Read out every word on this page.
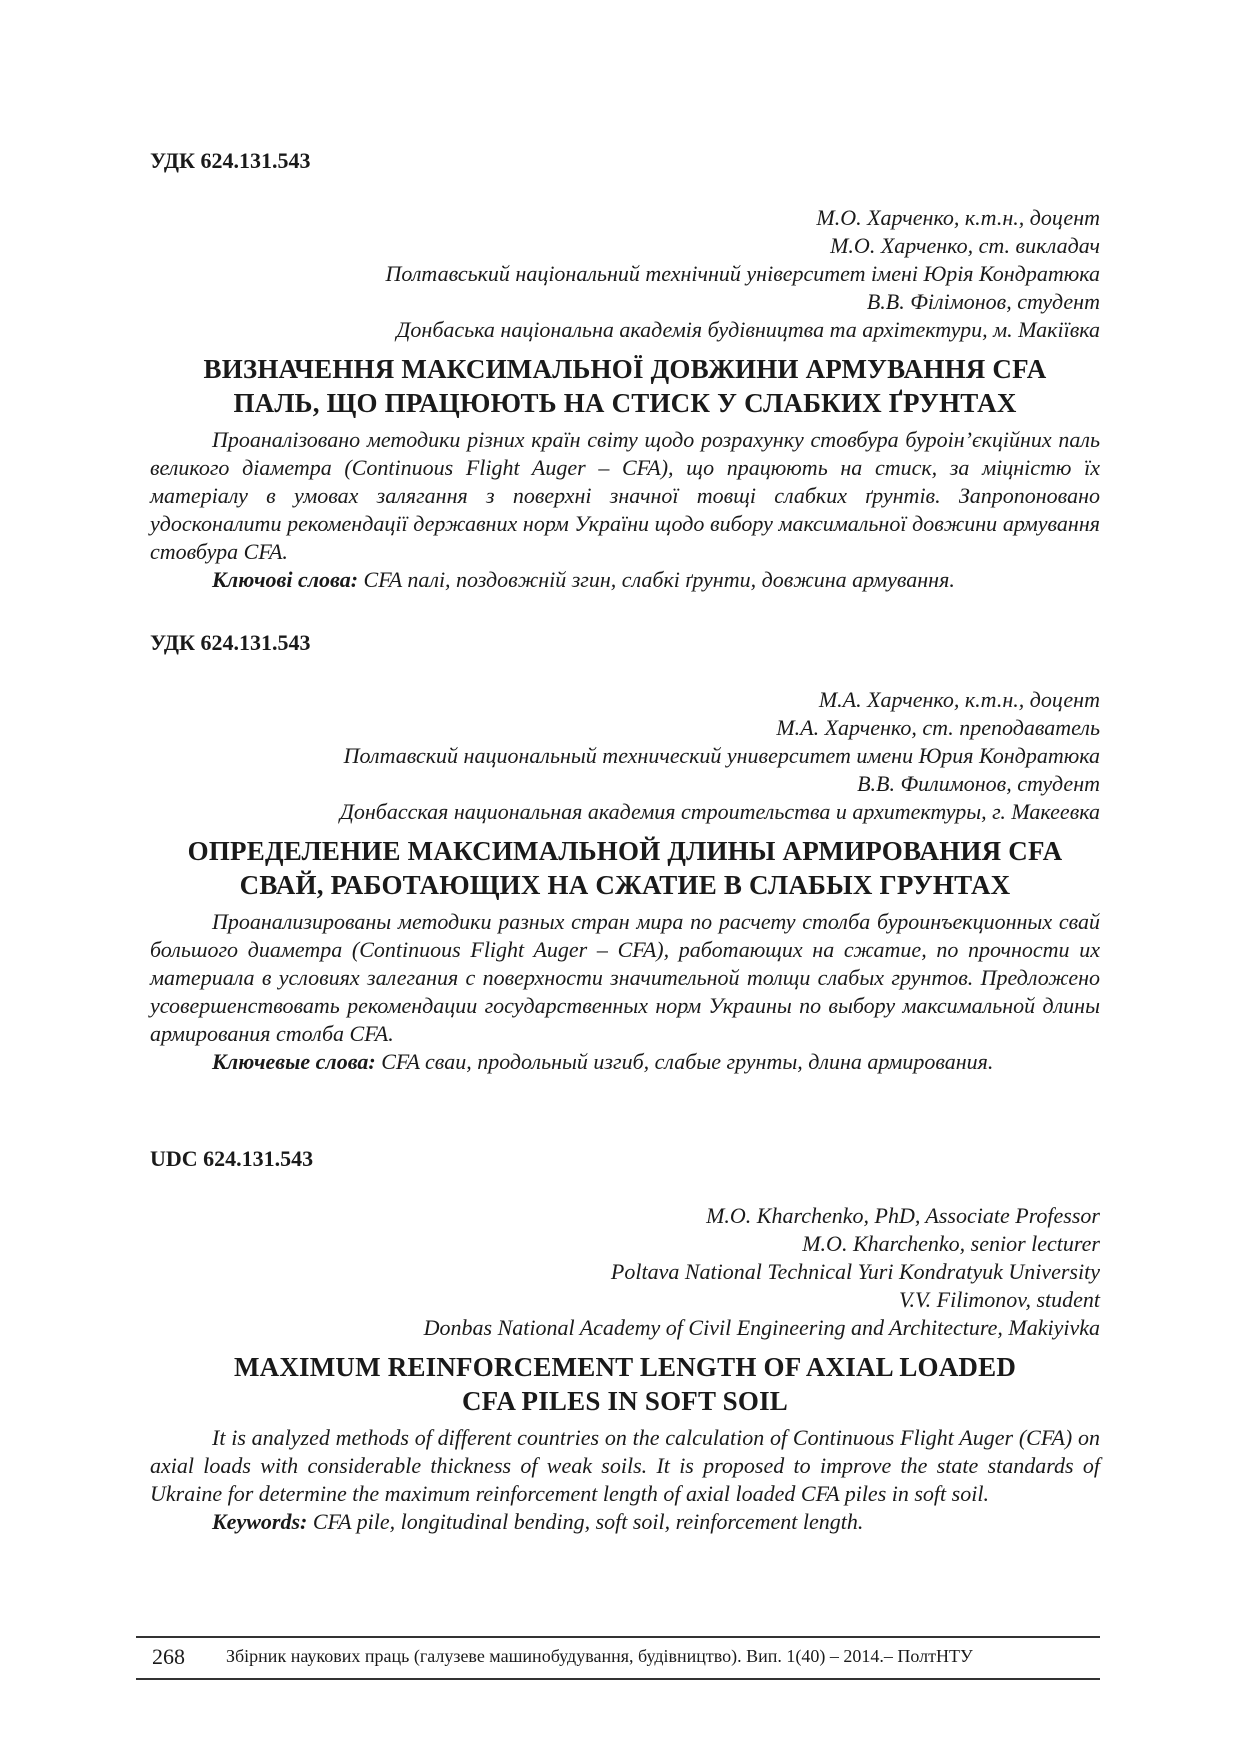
УДК 624.131.543

М.О. Харченко, к.т.н., доцент
М.О. Харченко, ст. викладач
Полтавський національний технічний університет імені Юрія Кондратюка
В.В. Філімонов, студент
Донбаська національна академія будівництва та архітектури, м. Макіївка
ВИЗНАЧЕННЯ МАКСИМАЛЬНОЇ ДОВЖИНИ АРМУВАННЯ CFA
ПАЛЬ, ЩО ПРАЦЮЮТЬ НА СТИСК У СЛАБКИХ ҐРУНТАХ
Проаналізовано методики різних країн світу щодо розрахунку стовбура буроін’єкційних паль великого діаметра (Continuous Flight Auger – CFA), що працюють на стиск, за міцністю їх матеріалу в умовах залягання з поверхні значної товщі слабких ґрунтів. Запропоновано удосконалити рекомендації державних норм України щодо вибору максимальної довжини армування стовбура CFA.
Ключові слова: CFA палі, поздовжній згин, слабкі ґрунти, довжина армування.

УДК 624.131.543

М.А. Харченко, к.т.н., доцент
М.А. Харченко, ст. преподаватель
Полтавский национальный технический университет имени Юрия Кондратюка
В.В. Филимонов, студент
Донбасская национальная академия строительства и архитектуры, г. Макеевка
ОПРЕДЕЛЕНИЕ МАКСИМАЛЬНОЙ ДЛИНЫ АРМИРОВАНИЯ CFA
СВАЙ, РАБОТАЮЩИХ НА СЖАТИЕ В СЛАБЫХ ГРУНТАХ
Проанализированы методики разных стран мира по расчету столба буроинъекционных свай большого диаметра (Continuous Flight Auger – CFA), работающих на сжатие, по прочности их материала в условиях залегания с поверхности значительной толщи слабых грунтов. Предложено усовершенствовать рекомендации государственных норм Украины по выбору максимальной длины армирования столба CFA.
Ключевые слова: CFA сваи, продольный изгиб, слабые грунты, длина армирования.

UDC 624.131.543

M.O. Kharchenko, PhD, Associate Professor
M.O. Kharchenko, senior lecturer
Poltava National Technical Yuri Kondratyuk University
V.V. Filimonov, student
Donbas National Academy of Civil Engineering and Architecture, Makiyivka
MAXIMUM REINFORCEMENT LENGTH OF AXIAL LOADED
CFA PILES IN SOFT SOIL
It is analyzed methods of different countries on the calculation of Continuous Flight Auger (CFA) on axial loads with considerable thickness of weak soils. It is proposed to improve the state standards of Ukraine for determine the maximum reinforcement length of axial loaded CFA piles in soft soil.
Keywords: CFA pile, longitudinal bending, soft soil, reinforcement length.
268 Збірник наукових праць (галузеве машинобудування, будівництво). Вип. 1(40) – 2014.– ПолтНТУ
